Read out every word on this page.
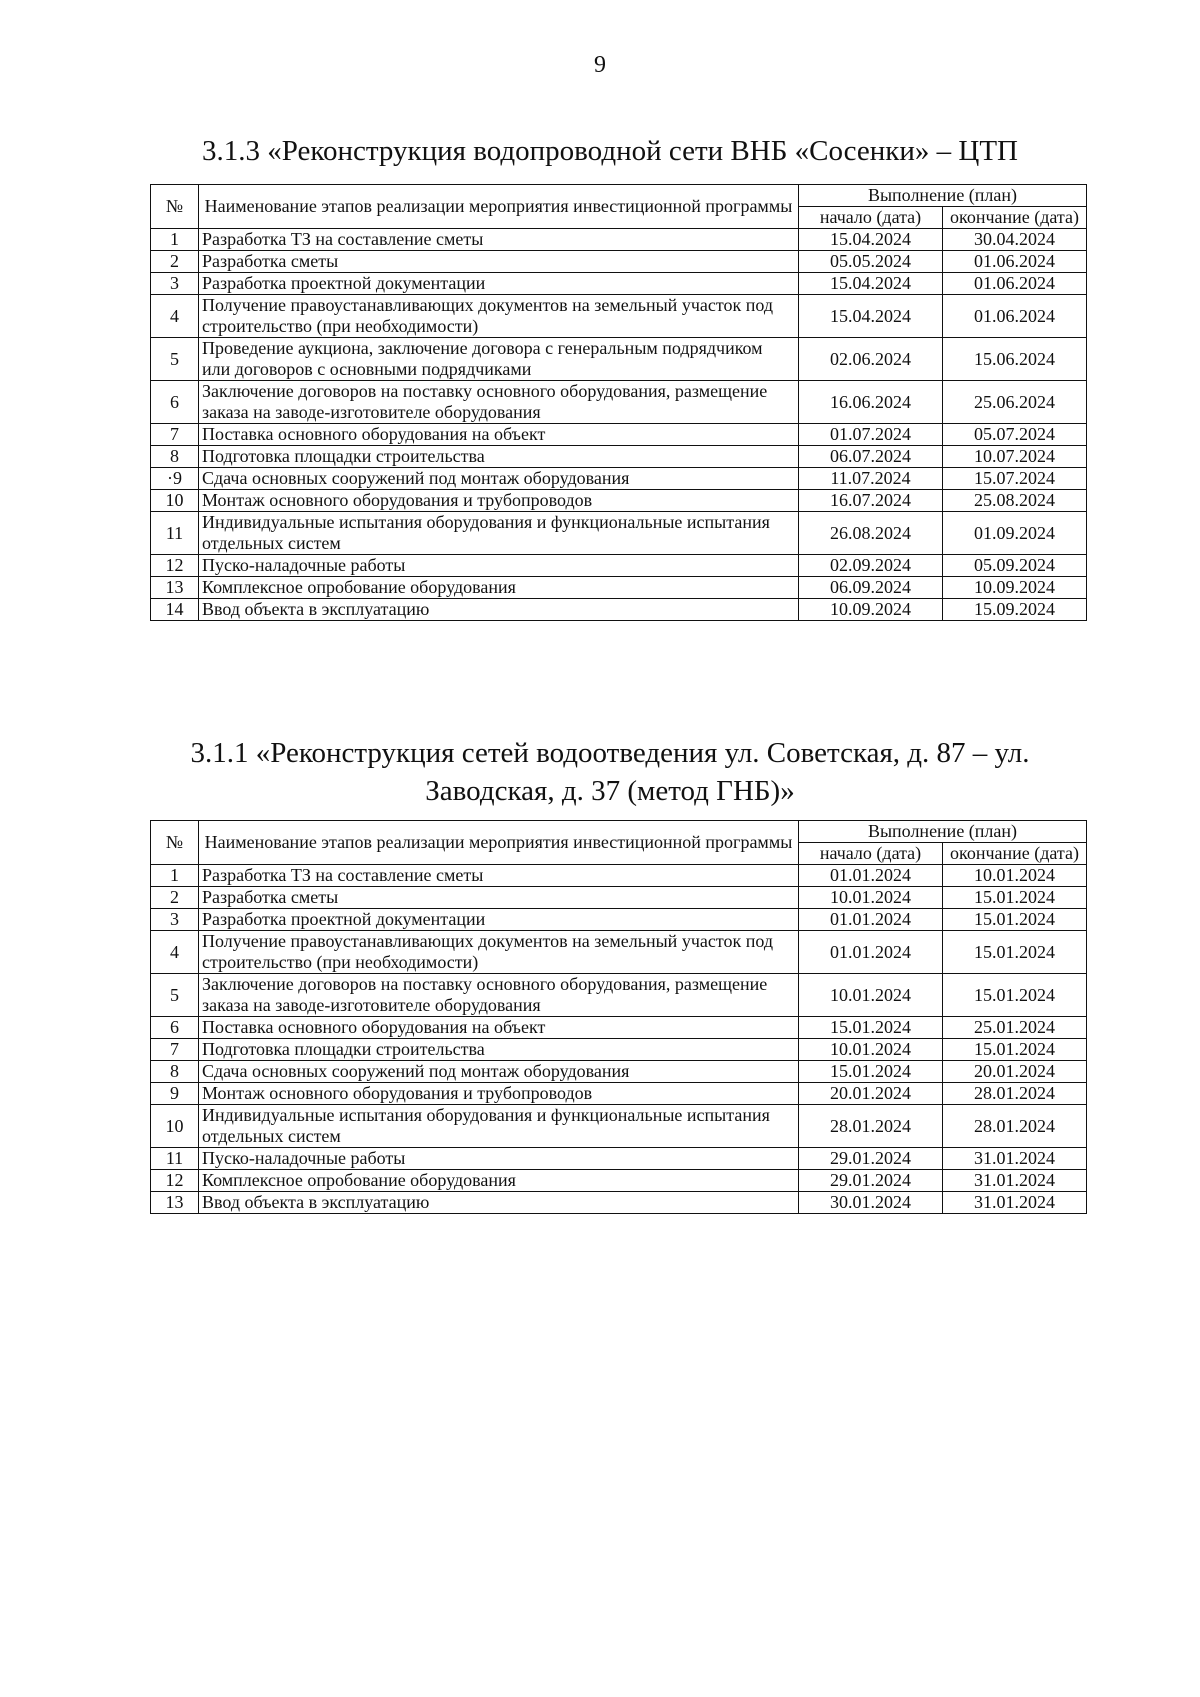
9
3.1.3 «Реконструкция водопроводной сети ВНБ «Сосенки» – ЦТП
№	Наименование этапов реализации мероприятия инвестиционной программы	Выполнение (план)	
		начало (дата)	окончание (дата)
1	Разработка ТЗ на составление сметы	15.04.2024	30.04.2024
2	Разработка сметы	05.05.2024	01.06.2024
3	Разработка проектной документации	15.04.2024	01.06.2024
4	Получение правоустанавливающих документов на земельный участок под строительство (при необходимости)	15.04.2024	01.06.2024
5	Проведение аукциона, заключение договора с генеральным подрядчиком или договоров с основными подрядчиками	02.06.2024	15.06.2024
6	Заключение договоров на поставку основного оборудования, размещение заказа на заводе-изготовителе оборудования	16.06.2024	25.06.2024
7	Поставка основного оборудования на объект	01.07.2024	05.07.2024
8	Подготовка площадки строительства	06.07.2024	10.07.2024
·9	Сдача основных сооружений под монтаж оборудования	11.07.2024	15.07.2024
10	Монтаж основного оборудования и трубопроводов	16.07.2024	25.08.2024
11	Индивидуальные испытания оборудования и функциональные испытания отдельных систем	26.08.2024	01.09.2024
12	Пуско-наладочные работы	02.09.2024	05.09.2024
13	Комплексное опробование оборудования	06.09.2024	10.09.2024
14	Ввод объекта в эксплуатацию	10.09.2024	15.09.2024
3.1.1 «Реконструкция сетей водоотведения ул. Советская, д. 87 – ул. Заводская, д. 37 (метод ГНБ)»
№	Наименование этапов реализации мероприятия инвестиционной программы	Выполнение (план)	
		начало (дата)	окончание (дата)
1	Разработка ТЗ на составление сметы	01.01.2024	10.01.2024
2	Разработка сметы	10.01.2024	15.01.2024
3	Разработка проектной документации	01.01.2024	15.01.2024
4	Получение правоустанавливающих документов на земельный участок под строительство (при необходимости)	01.01.2024	15.01.2024
5	Заключение договоров на поставку основного оборудования, размещение заказа на заводе-изготовителе оборудования	10.01.2024	15.01.2024
6	Поставка основного оборудования на объект	15.01.2024	25.01.2024
7	Подготовка площадки строительства	10.01.2024	15.01.2024
8	Сдача основных сооружений под монтаж оборудования	15.01.2024	20.01.2024
9	Монтаж основного оборудования и трубопроводов	20.01.2024	28.01.2024
10	Индивидуальные испытания оборудования и функциональные испытания отдельных систем	28.01.2024	28.01.2024
11	Пуско-наладочные работы	29.01.2024	31.01.2024
12	Комплексное опробование оборудования	29.01.2024	31.01.2024
13	Ввод объекта в эксплуатацию	30.01.2024	31.01.2024
